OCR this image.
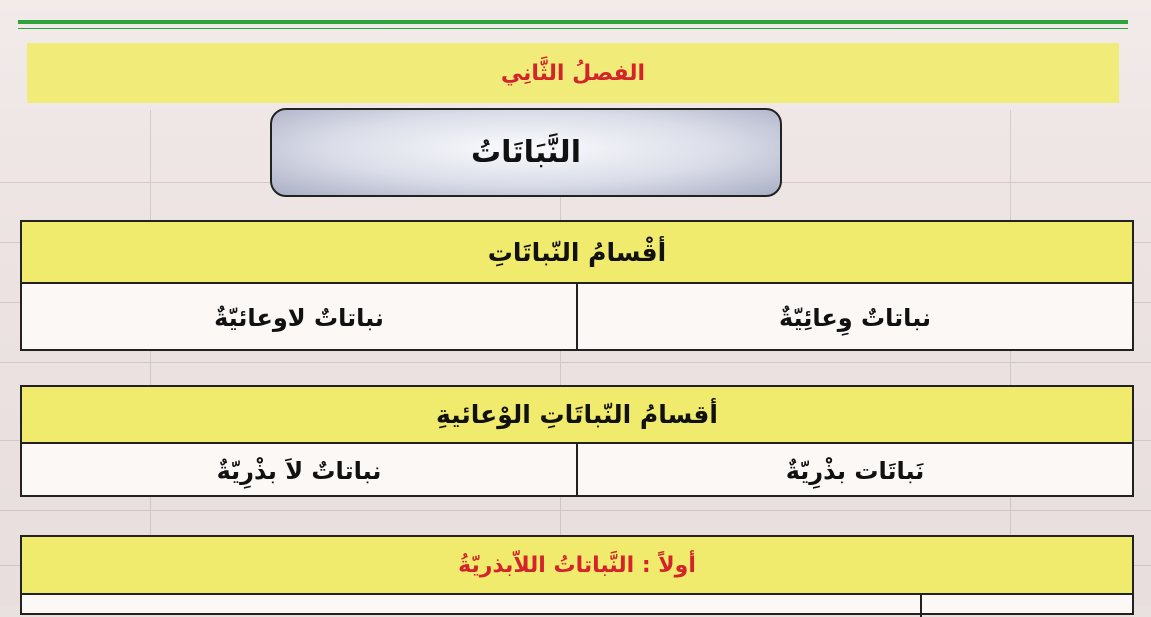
الفصلُ الثَّانِي
النَّبَاتَاتُ
أقْسامُ النّباتَاتِ
نباتاتٌ وِعائِيّةٌ
نباتاتٌ لاوعائيّةٌ
أقسامُ النّباتَاتِ الوْعائيةِ
نَباتَات بذْرِيّةٌ
نباتاتٌ لاَ بذْرِيّةٌ
أولاً : النَّباتاتُ اللاّبذريّةُ
